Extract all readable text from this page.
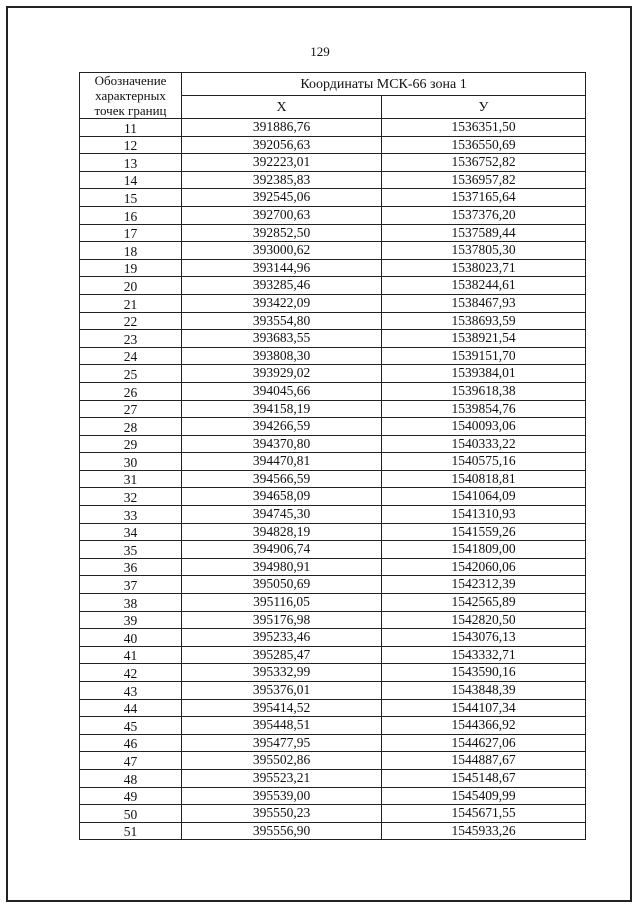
129
Обозначение характерных точек границ	Координаты МСК-66 зона 1	
	Х	У
11	391886,76	1536351,50
12	392056,63	1536550,69
13	392223,01	1536752,82
14	392385,83	1536957,82
15	392545,06	1537165,64
16	392700,63	1537376,20
17	392852,50	1537589,44
18	393000,62	1537805,30
19	393144,96	1538023,71
20	393285,46	1538244,61
21	393422,09	1538467,93
22	393554,80	1538693,59
23	393683,55	1538921,54
24	393808,30	1539151,70
25	393929,02	1539384,01
26	394045,66	1539618,38
27	394158,19	1539854,76
28	394266,59	1540093,06
29	394370,80	1540333,22
30	394470,81	1540575,16
31	394566,59	1540818,81
32	394658,09	1541064,09
33	394745,30	1541310,93
34	394828,19	1541559,26
35	394906,74	1541809,00
36	394980,91	1542060,06
37	395050,69	1542312,39
38	395116,05	1542565,89
39	395176,98	1542820,50
40	395233,46	1543076,13
41	395285,47	1543332,71
42	395332,99	1543590,16
43	395376,01	1543848,39
44	395414,52	1544107,34
45	395448,51	1544366,92
46	395477,95	1544627,06
47	395502,86	1544887,67
48	395523,21	1545148,67
49	395539,00	1545409,99
50	395550,23	1545671,55
51	395556,90	1545933,26
